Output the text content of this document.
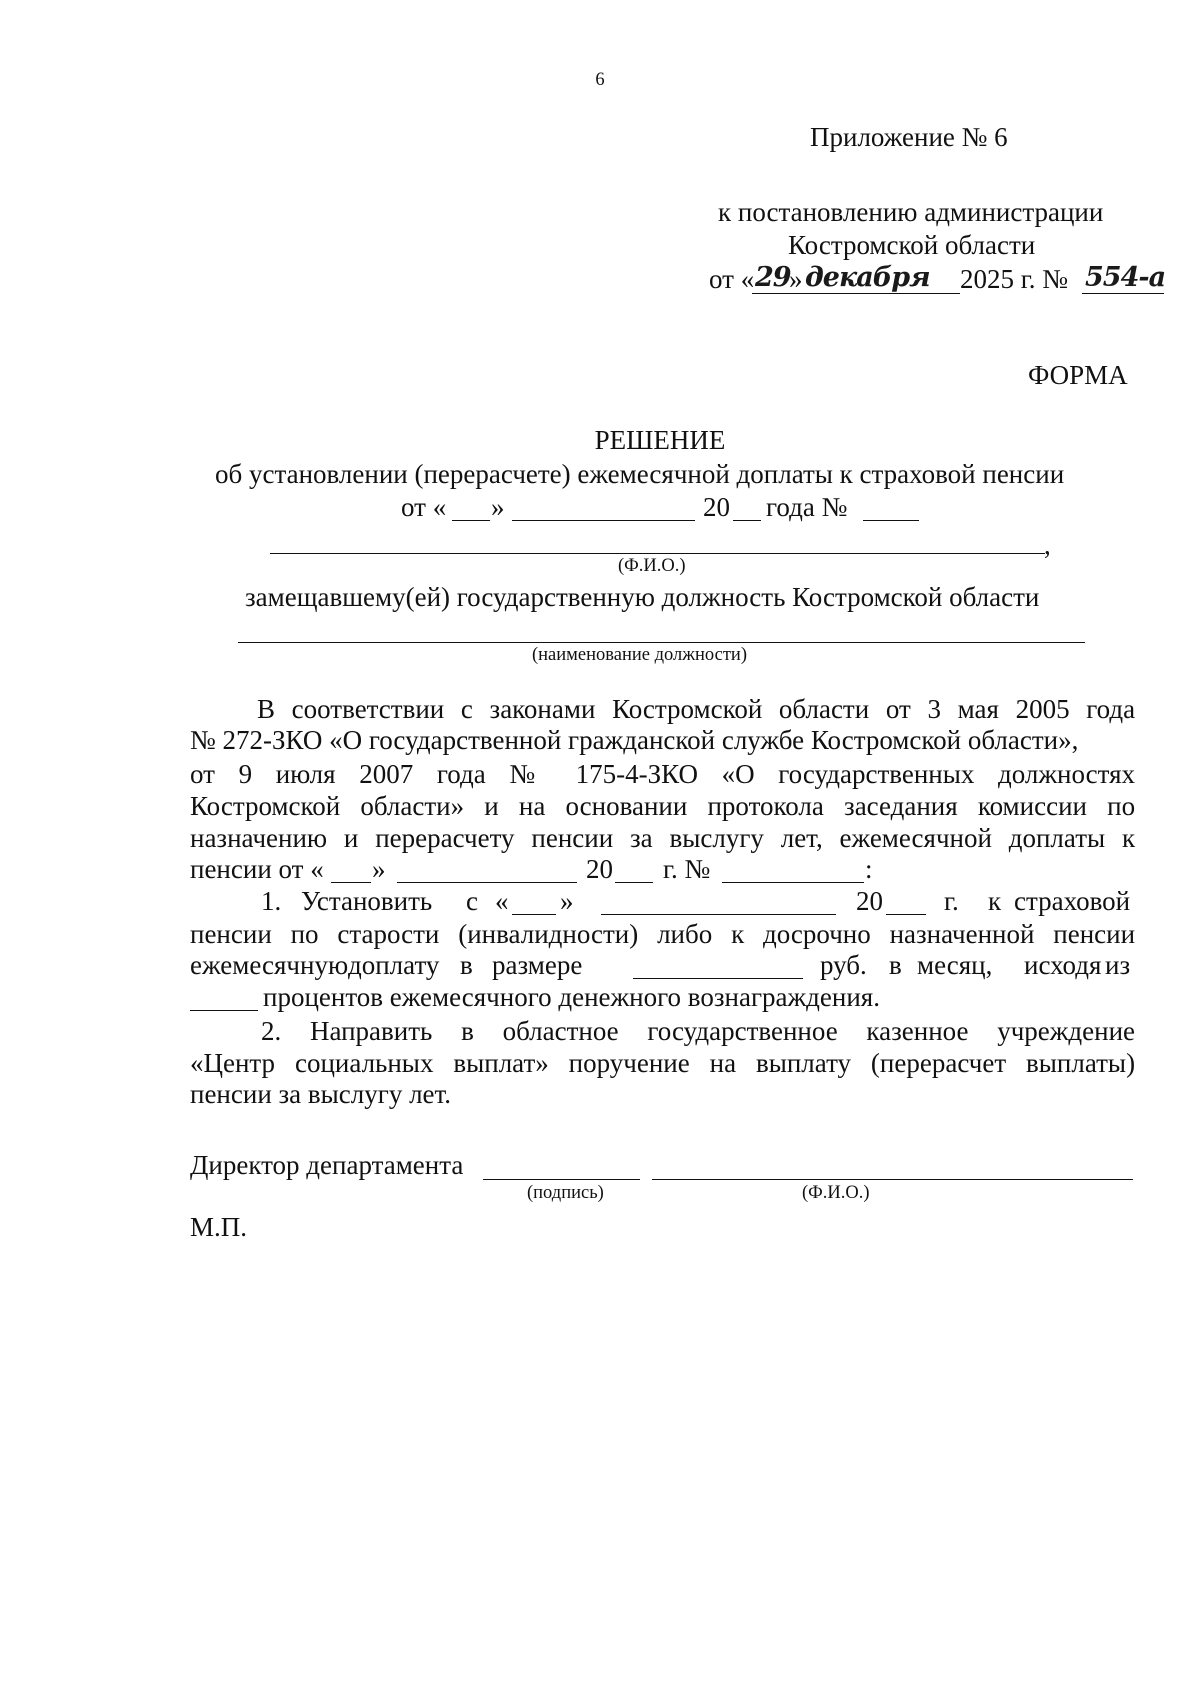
6
Приложение № 6
к постановлению администрации
Костромской области
от « 29
» декабря 2025 г. № 554-а
ФОРМА
РЕШЕНИЕ
об установлении (перерасчете) ежемесячной доплаты к страховой пенсии
от « »	20 года №
,
(Ф.И.О.)
замещавшему(ей) государственную должность Костромской области
(наименование должности)
В соответствии с законами Костромской области от 3 мая 2005 года
№ 272-ЗКО «О государственной гражданской службе Костромской области»,
от 9 июля 2007 года № 175-4-ЗКО «О государственных должностях
Костромской области» и на основании протокола заседания комиссии по
назначению и перерасчету пенсии за выслугу лет, ежемесячной доплаты к
пенсии от « »	20 г. №	:
1. Установить с « »	20 г. к страховой
пенсии по старости (инвалидности) либо к досрочно назначенной пенсии
ежемесячную доплату в размере	руб. в месяц, исходя из
процентов ежемесячного денежного вознаграждения.
2. Направить в областное государственное казенное учреждение
«Центр социальных выплат» поручение на выплату (перерасчет выплаты)
пенсии за выслугу лет.
Директор департамента
(подпись)	(Ф.И.О.)
М.П.
